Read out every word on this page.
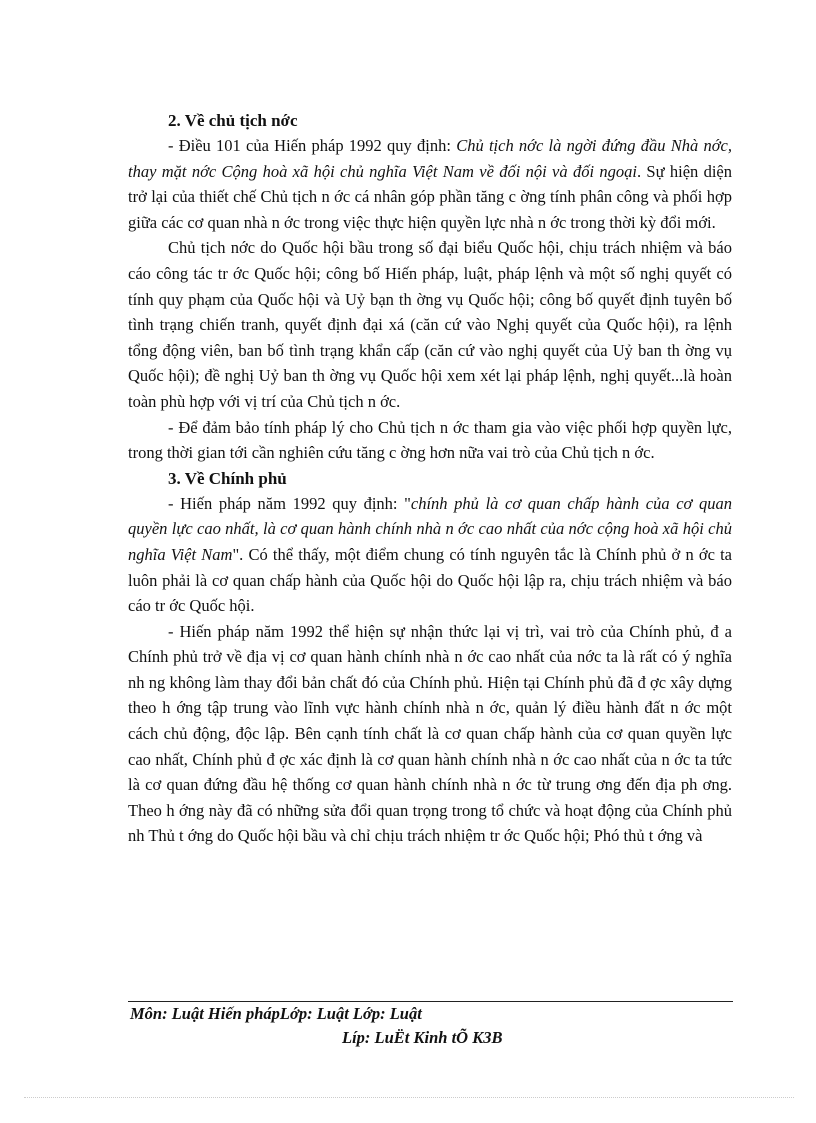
2. Về chủ tịch nớc

- Điều 101 của Hiến pháp 1992 quy định: Chủ tịch nớc là ngời đứng đầu Nhà nớc, thay mặt nớc Cộng hoà xã hội chủ nghĩa Việt Nam về đối nội và đối ngoại. Sự hiện diện trở lại của thiết chế Chủ tịch n ớc cá nhân góp phần tăng c ờng tính phân công và phối hợp giữa các cơ quan nhà n ớc trong việc thực hiện quyền lực nhà n ớc trong thời kỳ đổi mới.

Chủ tịch nớc do Quốc hội bầu trong số đại biểu Quốc hội, chịu trách nhiệm và báo cáo công tác tr ớc Quốc hội; công bố Hiến pháp, luật, pháp lệnh và một số nghị quyết có tính quy phạm của Quốc hội và Uỷ bạn th ờng vụ Quốc hội; công bố quyết định tuyên bố tình trạng chiến tranh, quyết định đại xá (căn cứ vào Nghị quyết của Quốc hội), ra lệnh tổng động viên, ban bố tình trạng khẩn cấp (căn cứ vào nghị quyết của Uỷ ban th ờng vụ Quốc hội); đề nghị Uỷ ban th ờng vụ Quốc hội xem xét lại pháp lệnh, nghị quyết...là hoàn toàn phù hợp với vị trí của Chủ tịch n ớc.

- Để đảm bảo tính pháp lý cho Chủ tịch n ớc tham gia vào việc phối hợp quyền lực, trong thời gian tới cần nghiên cứu tăng c ờng hơn nữa vai trò của Chủ tịch n ớc.

3. Về Chính phủ

- Hiến pháp năm 1992 quy định: "chính phủ là cơ quan chấp hành của cơ quan quyền lực cao nhất, là cơ quan hành chính nhà n ớc cao nhất của nớc cộng hoà xã hội chủ nghĩa Việt Nam". Có thể thấy, một điểm chung có tính nguyên tắc là Chính phủ ở n ớc ta luôn phải là cơ quan chấp hành của Quốc hội do Quốc hội lập ra, chịu trách nhiệm và báo cáo tr ớc Quốc hội.

- Hiến pháp năm 1992 thể hiện sự nhận thức lại vị trì, vai trò của Chính phủ, đ a Chính phủ trở về địa vị cơ quan hành chính nhà n ớc cao nhất của nớc ta là rất có ý nghĩa nh ng không làm thay đổi bản chất đó của Chính phủ. Hiện tại Chính phủ đã đ ợc xây dựng theo h ớng tập trung vào lĩnh vực hành chính nhà n ớc, quản lý điều hành đất n ớc một cách chủ động, độc lập. Bên cạnh tính chất là cơ quan chấp hành của cơ quan quyền lực cao nhất, Chính phủ đ ợc xác định là cơ quan hành chính nhà n ớc cao nhất của n ớc ta tức là cơ quan đứng đầu hệ thống cơ quan hành chính nhà n ớc từ trung ơng đến địa ph ơng. Theo h ớng này đã có những sửa đổi quan trọng trong tổ chức và hoạt động của Chính phủ nh Thủ t ớng do Quốc hội bầu và chỉ chịu trách nhiệm tr ớc Quốc hội; Phó thủ t ớng và

Môn: Luật Hiến phápLớp: Luật Lớp: Luật
Líp: LuËt Kinh tÕ K3B
